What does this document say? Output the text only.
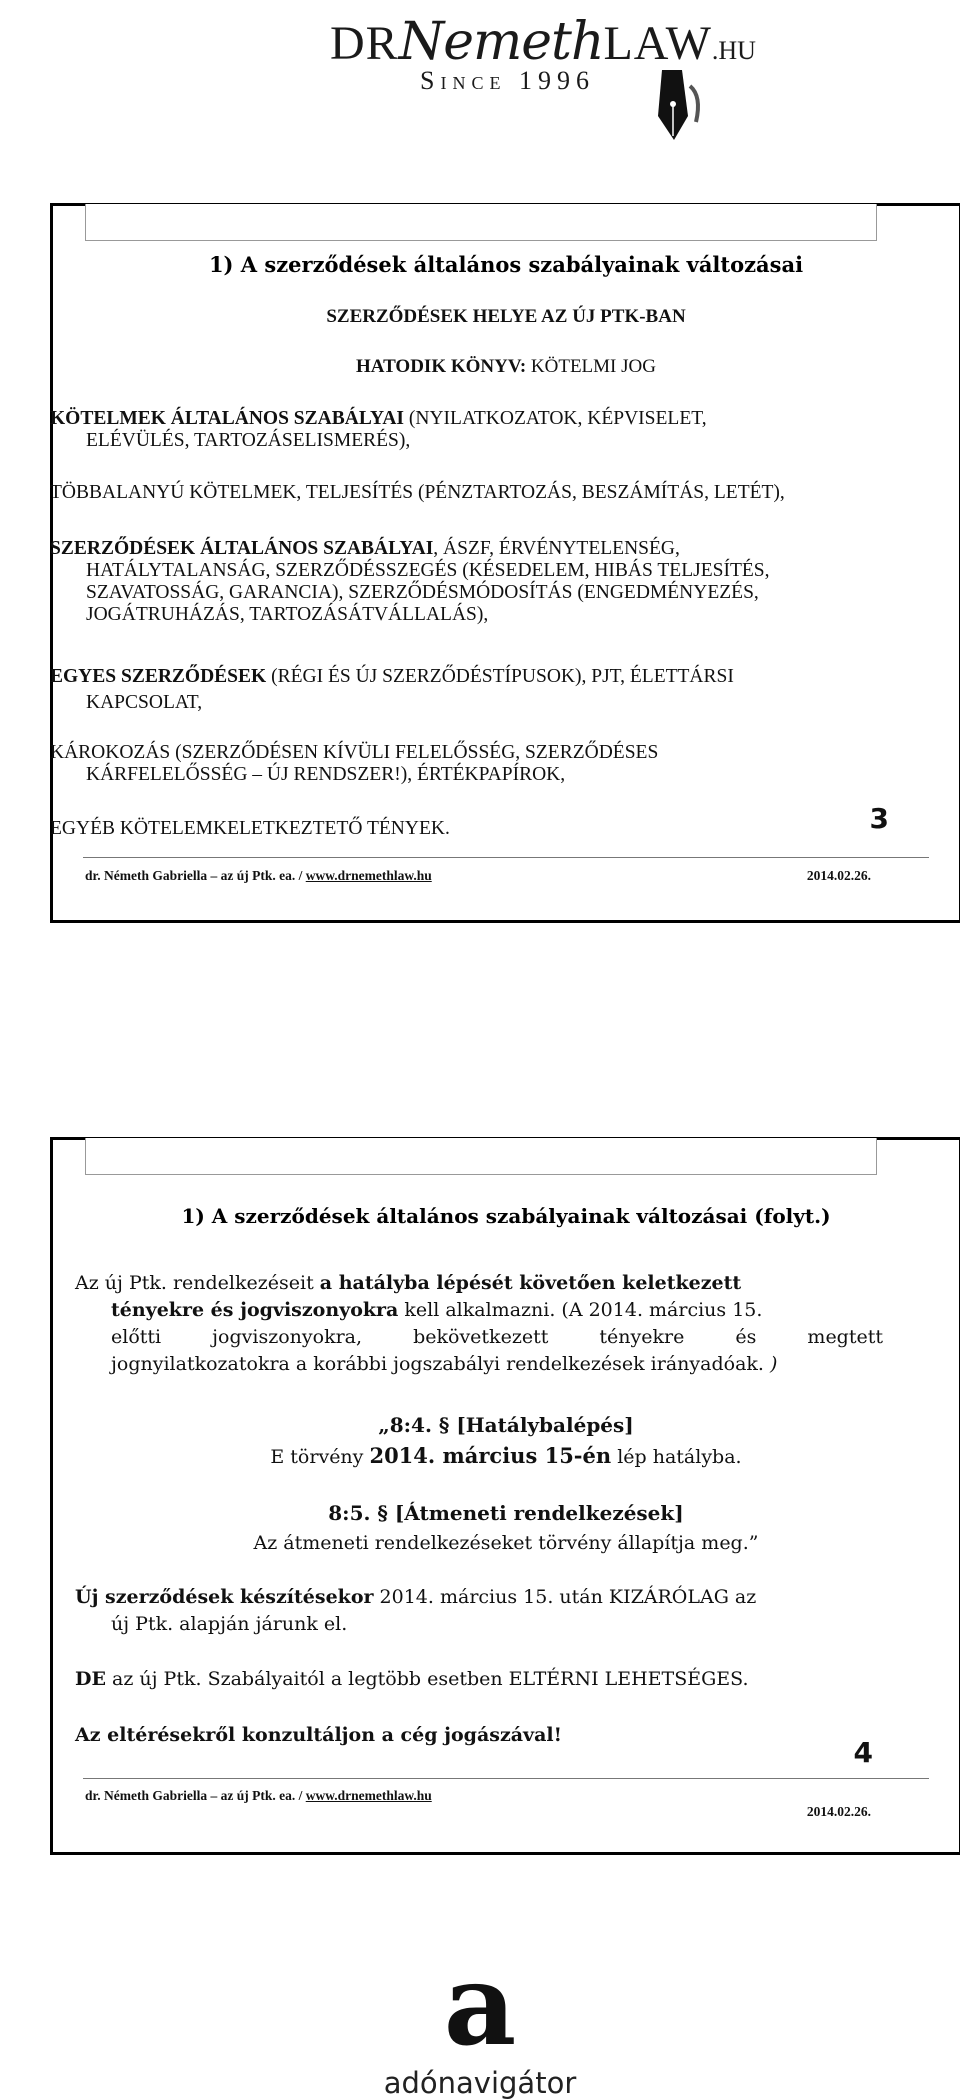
DRNemethLAW.HU
Since 1996
1) A szerződések általános szabályainak változásai
SZERZŐDÉSEK HELYE AZ ÚJ PTK-BAN
HATODIK KÖNYV: KÖTELMI JOG
KÖTELMEK ÁLTALÁNOS SZABÁLYAI (NYILATKOZATOK, KÉPVISELET,
ELÉVÜLÉS, TARTOZÁSELISMERÉS),
TÖBBALANYÚ KÖTELMEK, TELJESÍTÉS (PÉNZTARTOZÁS, BESZÁMÍTÁS, LETÉT),
SZERZŐDÉSEK ÁLTALÁNOS SZABÁLYAI, ÁSZF, ÉRVÉNYTELENSÉG,
HATÁLYTALANSÁG, SZERZŐDÉSSZEGÉS (KÉSEDELEM, HIBÁS TELJESÍTÉS,
SZAVATOSSÁG, GARANCIA), SZERZŐDÉSMÓDOSÍTÁS (ENGEDMÉNYEZÉS,
JOGÁTRUHÁZÁS, TARTOZÁSÁTVÁLLALÁS),
EGYES SZERZŐDÉSEK (RÉGI ÉS ÚJ SZERZŐDÉSTÍPUSOK), PJT, ÉLETTÁRSI
KAPCSOLAT,
KÁROKOZÁS (SZERZŐDÉSEN KÍVÜLI FELELŐSSÉG, SZERZŐDÉSES
KÁRFELELŐSSÉG – ÚJ RENDSZER!), ÉRTÉKPAPÍROK,
EGYÉB KÖTELEMKELETKEZTETŐ TÉNYEK.	3
dr. Németh Gabriella – az új Ptk. ea. / www.drnemethlaw.hu	2014.02.26.
1) A szerződések általános szabályainak változásai (folyt.)

Az új Ptk. rendelkezéseit a hatályba lépését követően keletkezett

tényekre és jogviszonyokra kell alkalmazni. (A 2014. március 15.

előtti jogviszonyokra, bekövetkezett tényekre és megtett

jognyilatkozatokra a korábbi jogszabályi rendelkezések irányadóak. )

„8:4. § [Hatálybalépés]
E törvény 2014. március 15-én lép hatályba.
8:5. § [Átmeneti rendelkezések]
Az átmeneti rendelkezéseket törvény állapítja meg.”

Új szerződések készítésekor 2014. március 15. után KIZÁRÓLAG az

új Ptk. alapján járunk el.

DE az új Ptk. Szabályaitól a legtöbb esetben ELTÉRNI LEHETSÉGES.

Az eltérésekről konzultáljon a cég jogászával!
4
dr. Németh Gabriella – az új Ptk. ea. / www.drnemethlaw.hu
2014.02.26.
a
adónavigátor
